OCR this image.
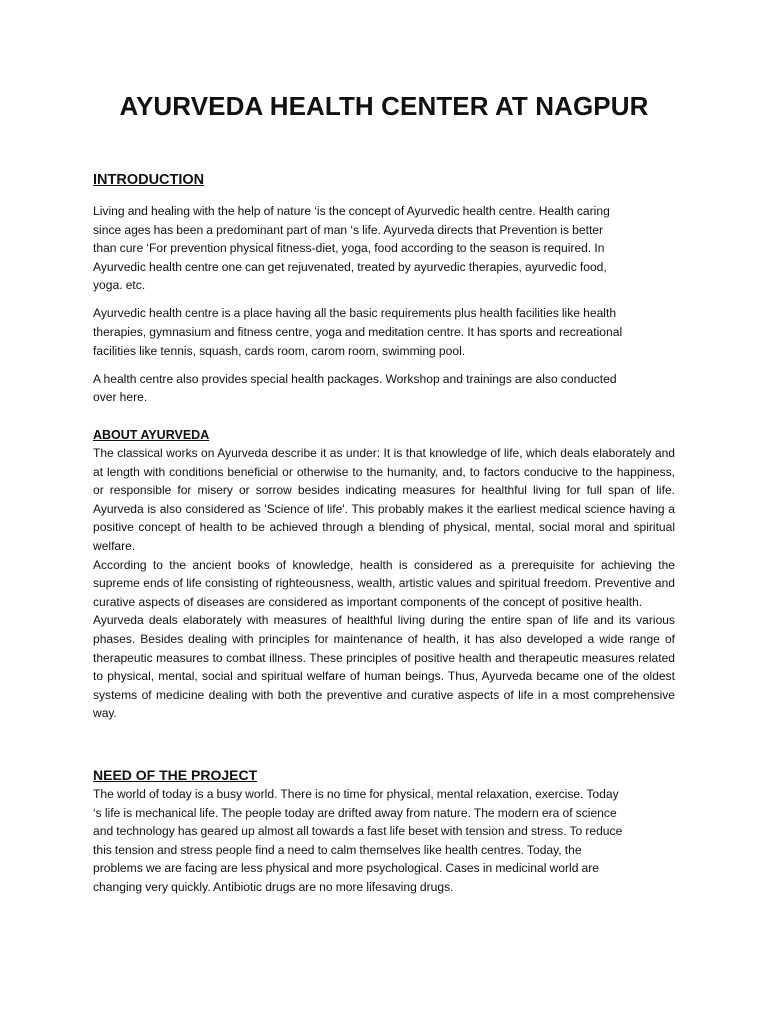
AYURVEDA HEALTH CENTER AT NAGPUR
INTRODUCTION

Living and healing with the help of nature ‘is the concept of Ayurvedic health centre. Health caring
since ages has been a predominant part of man ‘s life. Ayurveda directs that Prevention is better
than cure ‘For prevention physical fitness-diet, yoga, food according to the season is required. In
Ayurvedic health centre one can get rejuvenated, treated by ayurvedic therapies, ayurvedic food,
yoga. etc.

Ayurvedic health centre is a place having all the basic requirements plus health facilities like health
therapies, gymnasium and fitness centre, yoga and meditation centre. It has sports and recreational
facilities like tennis, squash, cards room, carom room, swimming pool.

A health centre also provides special health packages. Workshop and trainings are also conducted
over here.

ABOUT AYURVEDA

The classical works on Ayurveda describe it as under: It is that knowledge of life, which deals elaborately and at length with conditions beneficial or otherwise to the humanity, and, to factors conducive to the happiness, or responsible for misery or sorrow besides indicating measures for healthful living for full span of life. Ayurveda is also considered as 'Science of life'. This probably makes it the earliest medical science having a positive concept of health to be achieved through a blending of physical, mental, social moral and spiritual welfare.

According to the ancient books of knowledge, health is considered as a prerequisite for achieving the supreme ends of life consisting of righteousness, wealth, artistic values and spiritual freedom. Preventive and curative aspects of diseases are considered as important components of the concept of positive health.

Ayurveda deals elaborately with measures of healthful living during the entire span of life and its various phases. Besides dealing with principles for maintenance of health, it has also developed a wide range of therapeutic measures to combat illness. These principles of positive health and therapeutic measures related to physical, mental, social and spiritual welfare of human beings. Thus, Ayurveda became one of the oldest systems of medicine dealing with both the preventive and curative aspects of life in a most comprehensive way.

NEED OF THE PROJECT

The world of today is a busy world. There is no time for physical, mental relaxation, exercise. Today
‘s life is mechanical life. The people today are drifted away from nature. The modern era of science
and technology has geared up almost all towards a fast life beset with tension and stress. To reduce
this tension and stress people find a need to calm themselves like health centres. Today, the
problems we are facing are less physical and more psychological. Cases in medicinal world are
changing very quickly. Antibiotic drugs are no more lifesaving drugs.
